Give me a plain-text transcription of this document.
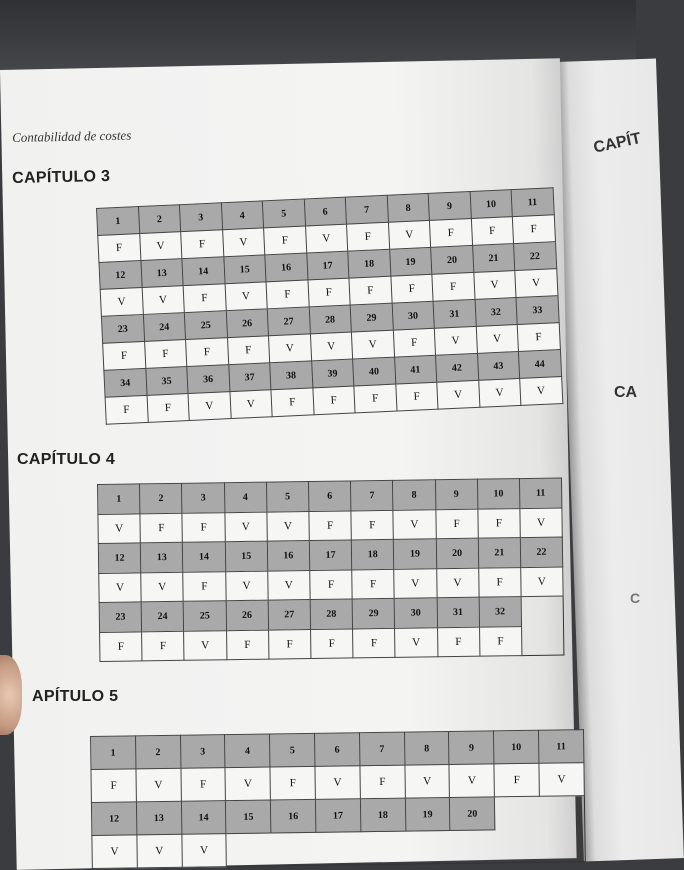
Contabilidad de costes	CAPÍT
CA
C
CAPÍTULO 3
1	2	3	4	5	6	7	8	9	10	11
F	V	F	V	F	V	F	V	F	F	F
12	13	14	15	16	17	18	19	20	21	22
V	V	F	V	F	F	F	F	F	V	V
23	24	25	26	27	28	29	30	31	32	33
F	F	F	F	V	V	V	F	V	V	F
34	35	36	37	38	39	40	41	42	43	44
F	F	V	V	F	F	F	F	V	V	V
CAPÍTULO 4
1	2	3	4	5	6	7	8	9	10	11
V	F	F	V	V	F	F	V	F	F	V
12	13	14	15	16	17	18	19	20	21	22
V	V	F	V	V	F	F	V	V	F	V
23	24	25	26	27	28	29	30	31	32	
F	F	V	F	F	F	F	V	F	F	
APÍTULO 5
1	2	3	4	5	6	7	8	9	10	11
F	V	F	V	F	V	F	V	V	F	V
12	13	14	15	16	17	18	19	20		
V	V	V								
